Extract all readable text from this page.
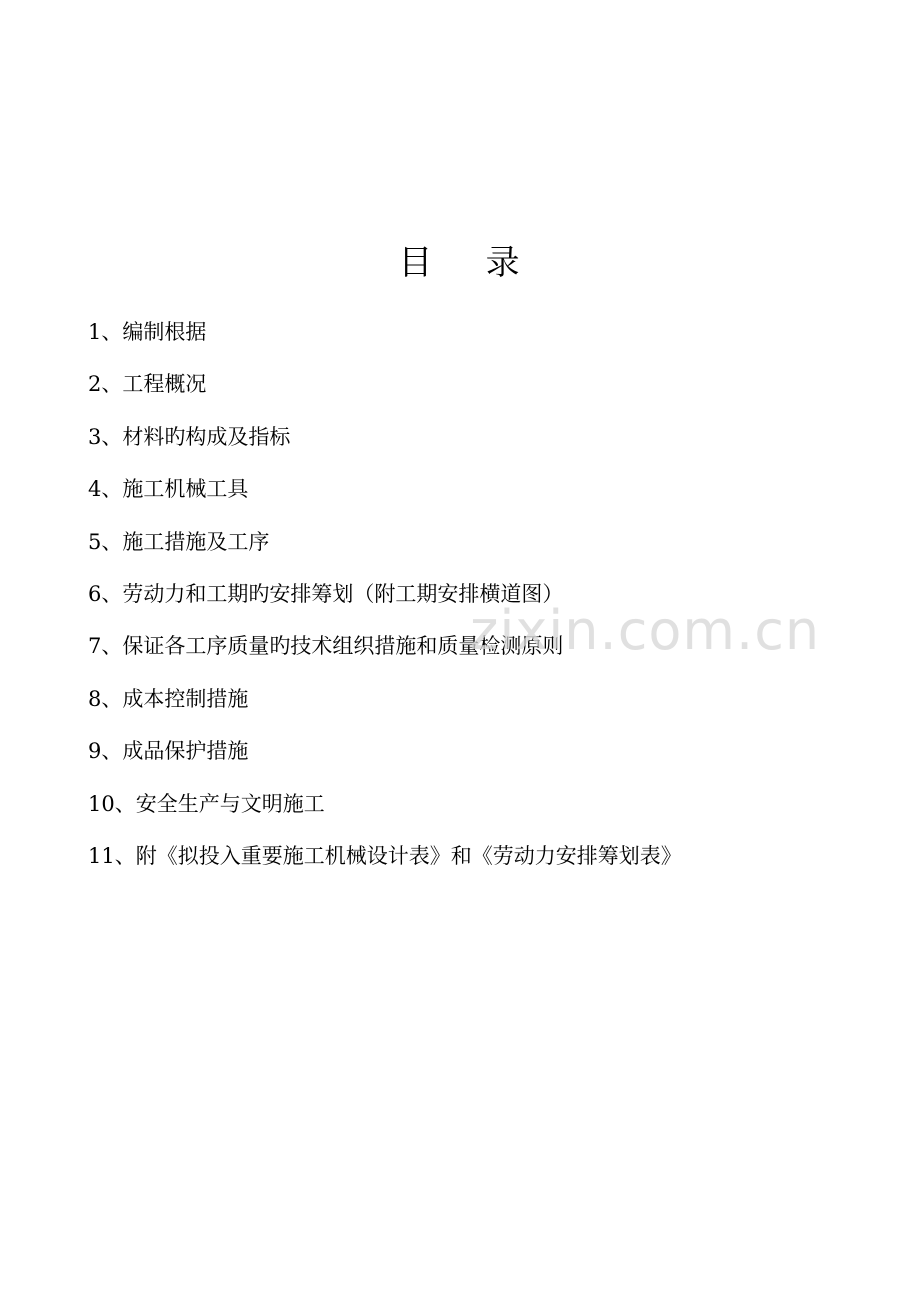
目    录
1、编制根据
2、工程概况
3、材料旳构成及指标
4、施工机械工具
5、施工措施及工序
6、劳动力和工期旳安排筹划（附工期安排横道图）
7、保证各工序质量旳技术组织措施和质量检测原则
8、成本控制措施
9、成品保护措施
10、安全生产与文明施工
11、附《拟投入重要施工机械设计表》和《劳动力安排筹划表》
zixin.com.cn
